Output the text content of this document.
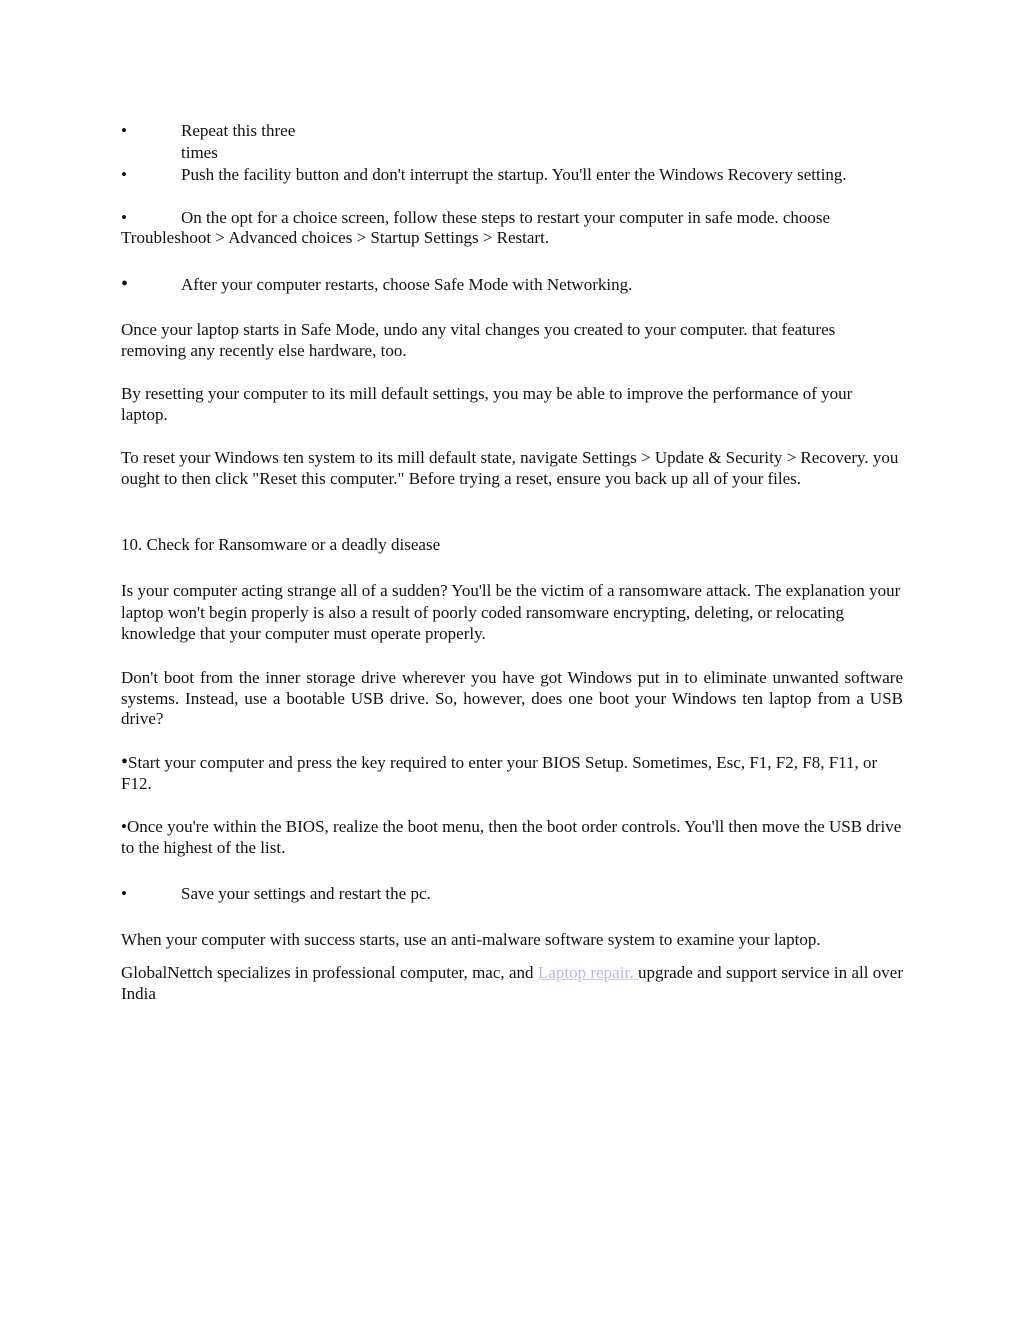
•	Repeat this three times
•	Push the facility button and don't interrupt the startup. You'll enter the Windows Recovery setting.
•	On the opt for a choice screen, follow these steps to restart your computer in safe mode. choose
Troubleshoot > Advanced choices > Startup Settings > Restart.
•	After your computer restarts, choose Safe Mode with Networking.

Once your laptop starts in Safe Mode, undo any vital changes you created to your computer. that features removing any recently else hardware, too.

By resetting your computer to its mill default settings, you may be able to improve the performance of your laptop.

To reset your Windows ten system to its mill default state, navigate Settings > Update & Security > Recovery. you ought to then click "Reset this computer." Before trying a reset, ensure you back up all of your files.

10. Check for Ransomware or a deadly disease

Is your computer acting strange all of a sudden? You'll be the victim of a ransomware attack. The explanation your laptop won't begin properly is also a result of poorly coded ransomware encrypting, deleting, or relocating knowledge that your computer must operate properly.

Don't boot from the inner storage drive wherever you have got Windows put in to eliminate unwanted software systems. Instead, use a bootable USB drive. So, however, does one boot your Windows ten laptop from a USB drive?

•Start your computer and press the key required to enter your BIOS Setup. Sometimes, Esc, F1, F2, F8, F11, or F12.

•Once you're within the BIOS, realize the boot menu, then the boot order controls. You'll then move the USB drive to the highest of the list.

•	Save your settings and restart the pc.

When your computer with success starts, use an anti-malware software system to examine your laptop.

GlobalNettch specializes in professional computer, mac, and Laptop repair, upgrade and support service in all over India
